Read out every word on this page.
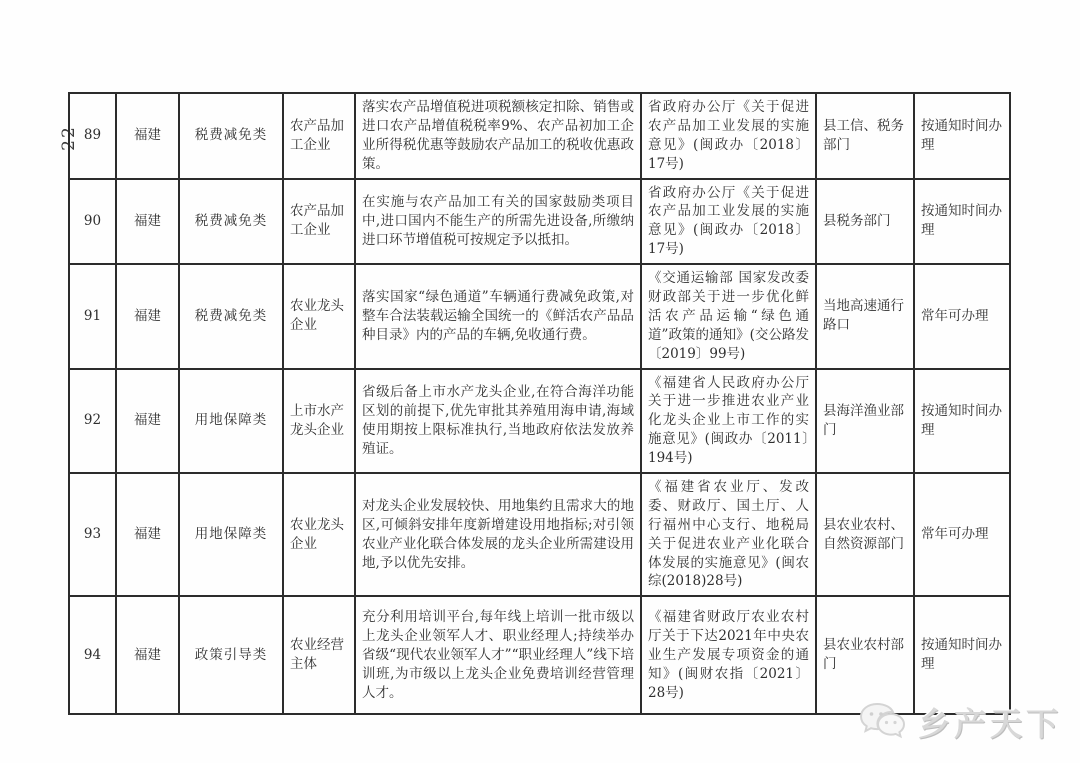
— 22 — 89	福建	税费减免类	农产品加工企业	落实农产品增值税进项税额核定扣除、销售或进口农产品增值税税率9%、农产品初加工企业所得税优惠等鼓励农产品加工的税收优惠政策。	省政府办公厅《关于促进农产品加工业发展的实施意见》(闽政办〔2018〕17号)	县工信、税务部门	按通知时间办理
90	福建	税费减免类	农产品加工企业	在实施与农产品加工有关的国家鼓励类项目中,进口国内不能生产的所需先进设备,所缴纳进口环节增值税可按规定予以抵扣。	省政府办公厅《关于促进农产品加工业发展的实施意见》(闽政办〔2018〕17号)	县税务部门	按通知时间办理
91	福建	税费减免类	农业龙头企业	落实国家“绿色通道”车辆通行费减免政策,对整车合法装载运输全国统一的《鲜活农产品品种目录》内的产品的车辆,免收通行费。	《交通运输部 国家发改委 财政部关于进一步优化鲜活农产品运输“绿色通道”政策的通知》(交公路发〔2019〕99号)	当地高速通行路口	常年可办理
92	福建	用地保障类	上市水产龙头企业	省级后备上市水产龙头企业,在符合海洋功能区划的前提下,优先审批其养殖用海申请,海域使用期按上限标准执行,当地政府依法发放养殖证。	《福建省人民政府办公厅关于进一步推进农业产业化龙头企业上市工作的实施意见》(闽政办〔2011〕194号)	县海洋渔业部门	按通知时间办理
93	福建	用地保障类	农业龙头企业	对龙头企业发展较快、用地集约且需求大的地区,可倾斜安排年度新增建设用地指标;对引领农业产业化联合体发展的龙头企业所需建设用地,予以优先安排。	《福建省农业厅、发改委、财政厅、国土厅、人行福州中心支行、地税局关于促进农业产业化联合体发展的实施意见》(闽农综(2018)28号)	县农业农村、自然资源部门	常年可办理
94	福建	政策引导类	农业经营主体	充分利用培训平台,每年线上培训一批市级以上龙头企业领军人才、职业经理人;持续举办省级“现代农业领军人才”“职业经理人”线下培训班,为市级以上龙头企业免费培训经营管理人才。	《福建省财政厅农业农村厅关于下达2021年中央农业生产发展专项资金的通知》(闽财农指〔2021〕28号)	县农业农村部门	按通知时间办理
乡产天下
